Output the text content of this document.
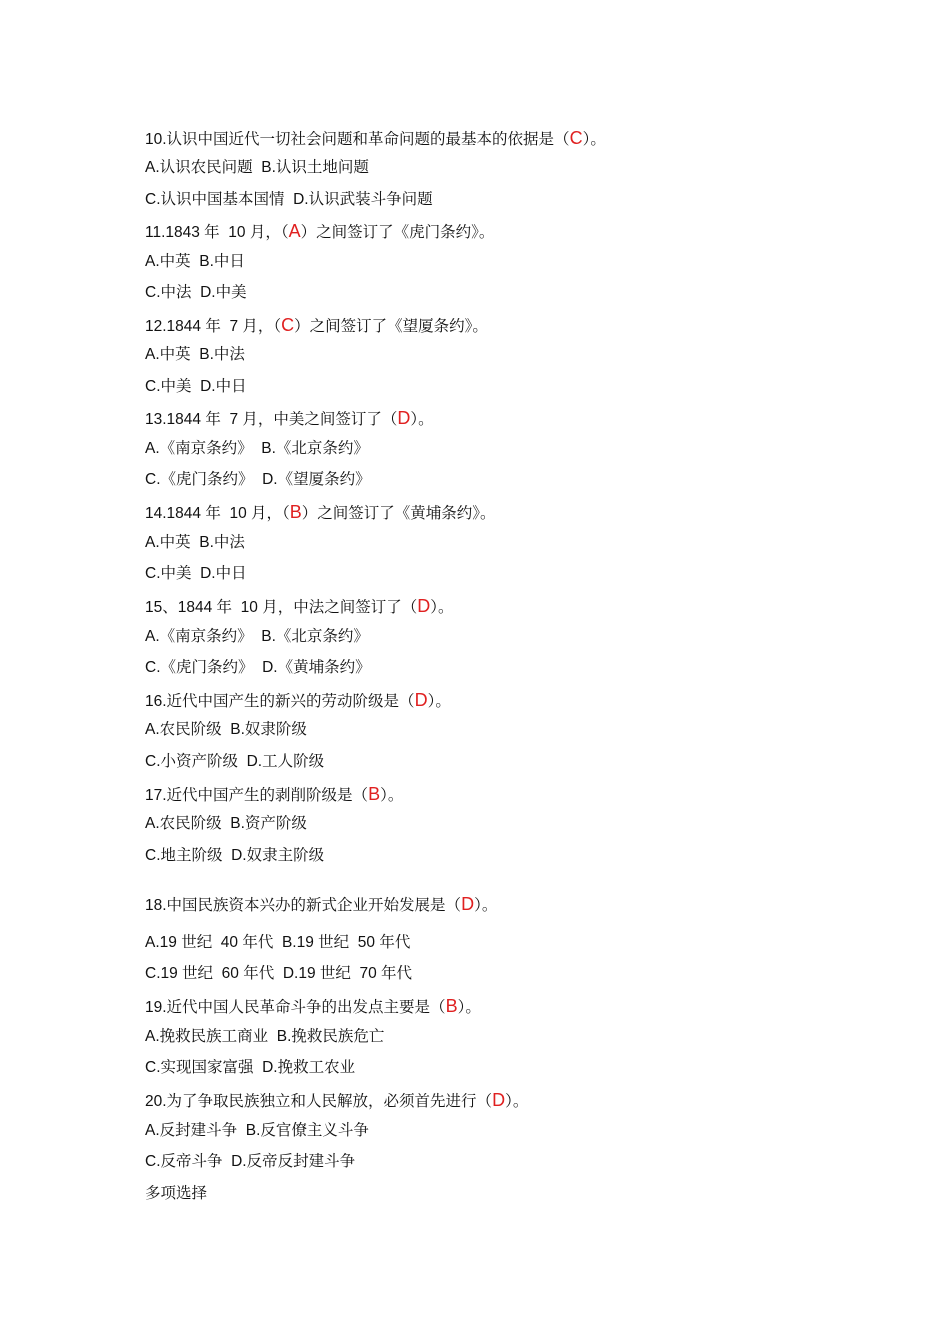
10.认识中国近代一切社会问题和革命问题的最基本的依据是（C）。
A.认识农民问题  B.认识土地问题
C.认识中国基本国情  D.认识武装斗争问题
11.1843 年  10 月，（A）之间签订了《虎门条约》。
A.中英  B.中日
C.中法  D.中美
12.1844 年  7 月，（C）之间签订了《望厦条约》。
A.中英  B.中法
C.中美  D.中日
13.1844 年  7 月，中美之间签订了（D）。
A.《南京条约》  B.《北京条约》
C.《虎门条约》  D.《望厦条约》
14.1844 年  10 月，（B）之间签订了《黄埔条约》。
A.中英  B.中法
C.中美  D.中日
15、1844 年  10 月，中法之间签订了（D）。
A.《南京条约》  B.《北京条约》
C.《虎门条约》  D.《黄埔条约》
16.近代中国产生的新兴的劳动阶级是（D）。
A.农民阶级  B.奴隶阶级
C.小资产阶级  D.工人阶级
17.近代中国产生的剥削阶级是（B）。
A.农民阶级  B.资产阶级
C.地主阶级  D.奴隶主阶级
18.中国民族资本兴办的新式企业开始发展是（D）。
A.19 世纪  40 年代  B.19 世纪  50 年代
C.19 世纪  60 年代  D.19 世纪  70 年代
19.近代中国人民革命斗争的出发点主要是（B）。
A.挽救民族工商业  B.挽救民族危亡
C.实现国家富强  D.挽救工农业
20.为了争取民族独立和人民解放，必须首先进行（D）。
A.反封建斗争  B.反官僚主义斗争
C.反帝斗争  D.反帝反封建斗争
多项选择
